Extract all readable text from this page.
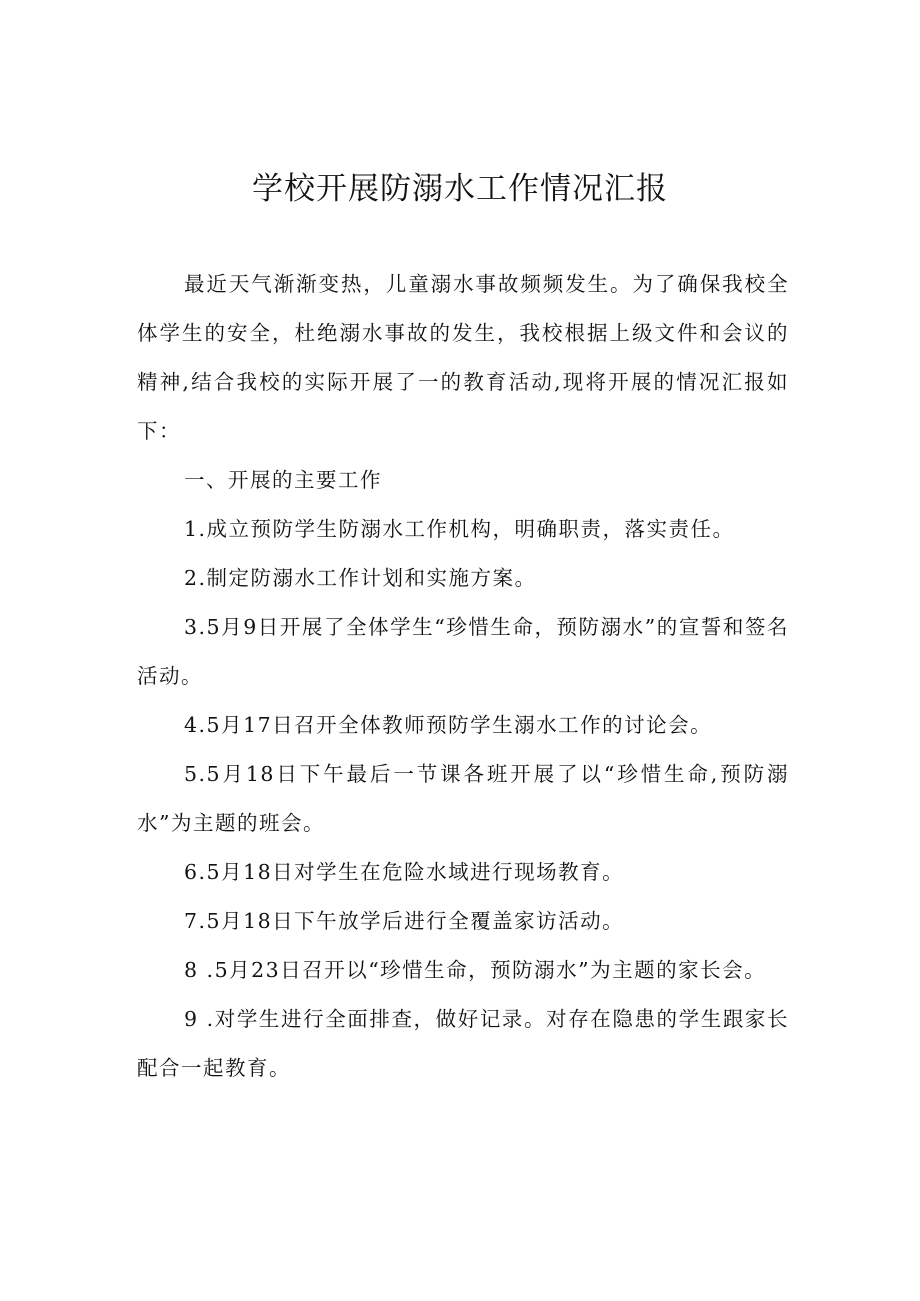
学校开展防溺水工作情况汇报

最近天气渐渐变热，儿童溺水事故频频发生。为了确保我校全体学生的安全，杜绝溺水事故的发生，我校根据上级文件和会议的精神,结合我校的实际开展了一的教育活动,现将开展的情况汇报如下：

一、开展的主要工作

1.成立预防学生防溺水工作机构，明确职责，落实责任。

2.制定防溺水工作计划和实施方案。

3.5月9日开展了全体学生“珍惜生命，预防溺水”的宣誓和签名活动。

4.5月17日召开全体教师预防学生溺水工作的讨论会。

5.5月18日下午最后一节课各班开展了以“珍惜生命,预防溺水”为主题的班会。

6.5月18日对学生在危险水域进行现场教育。

7.5月18日下午放学后进行全覆盖家访活动。

8 .5月23日召开以“珍惜生命，预防溺水”为主题的家长会。

9 .对学生进行全面排查，做好记录。对存在隐患的学生跟家长配合一起教育。
